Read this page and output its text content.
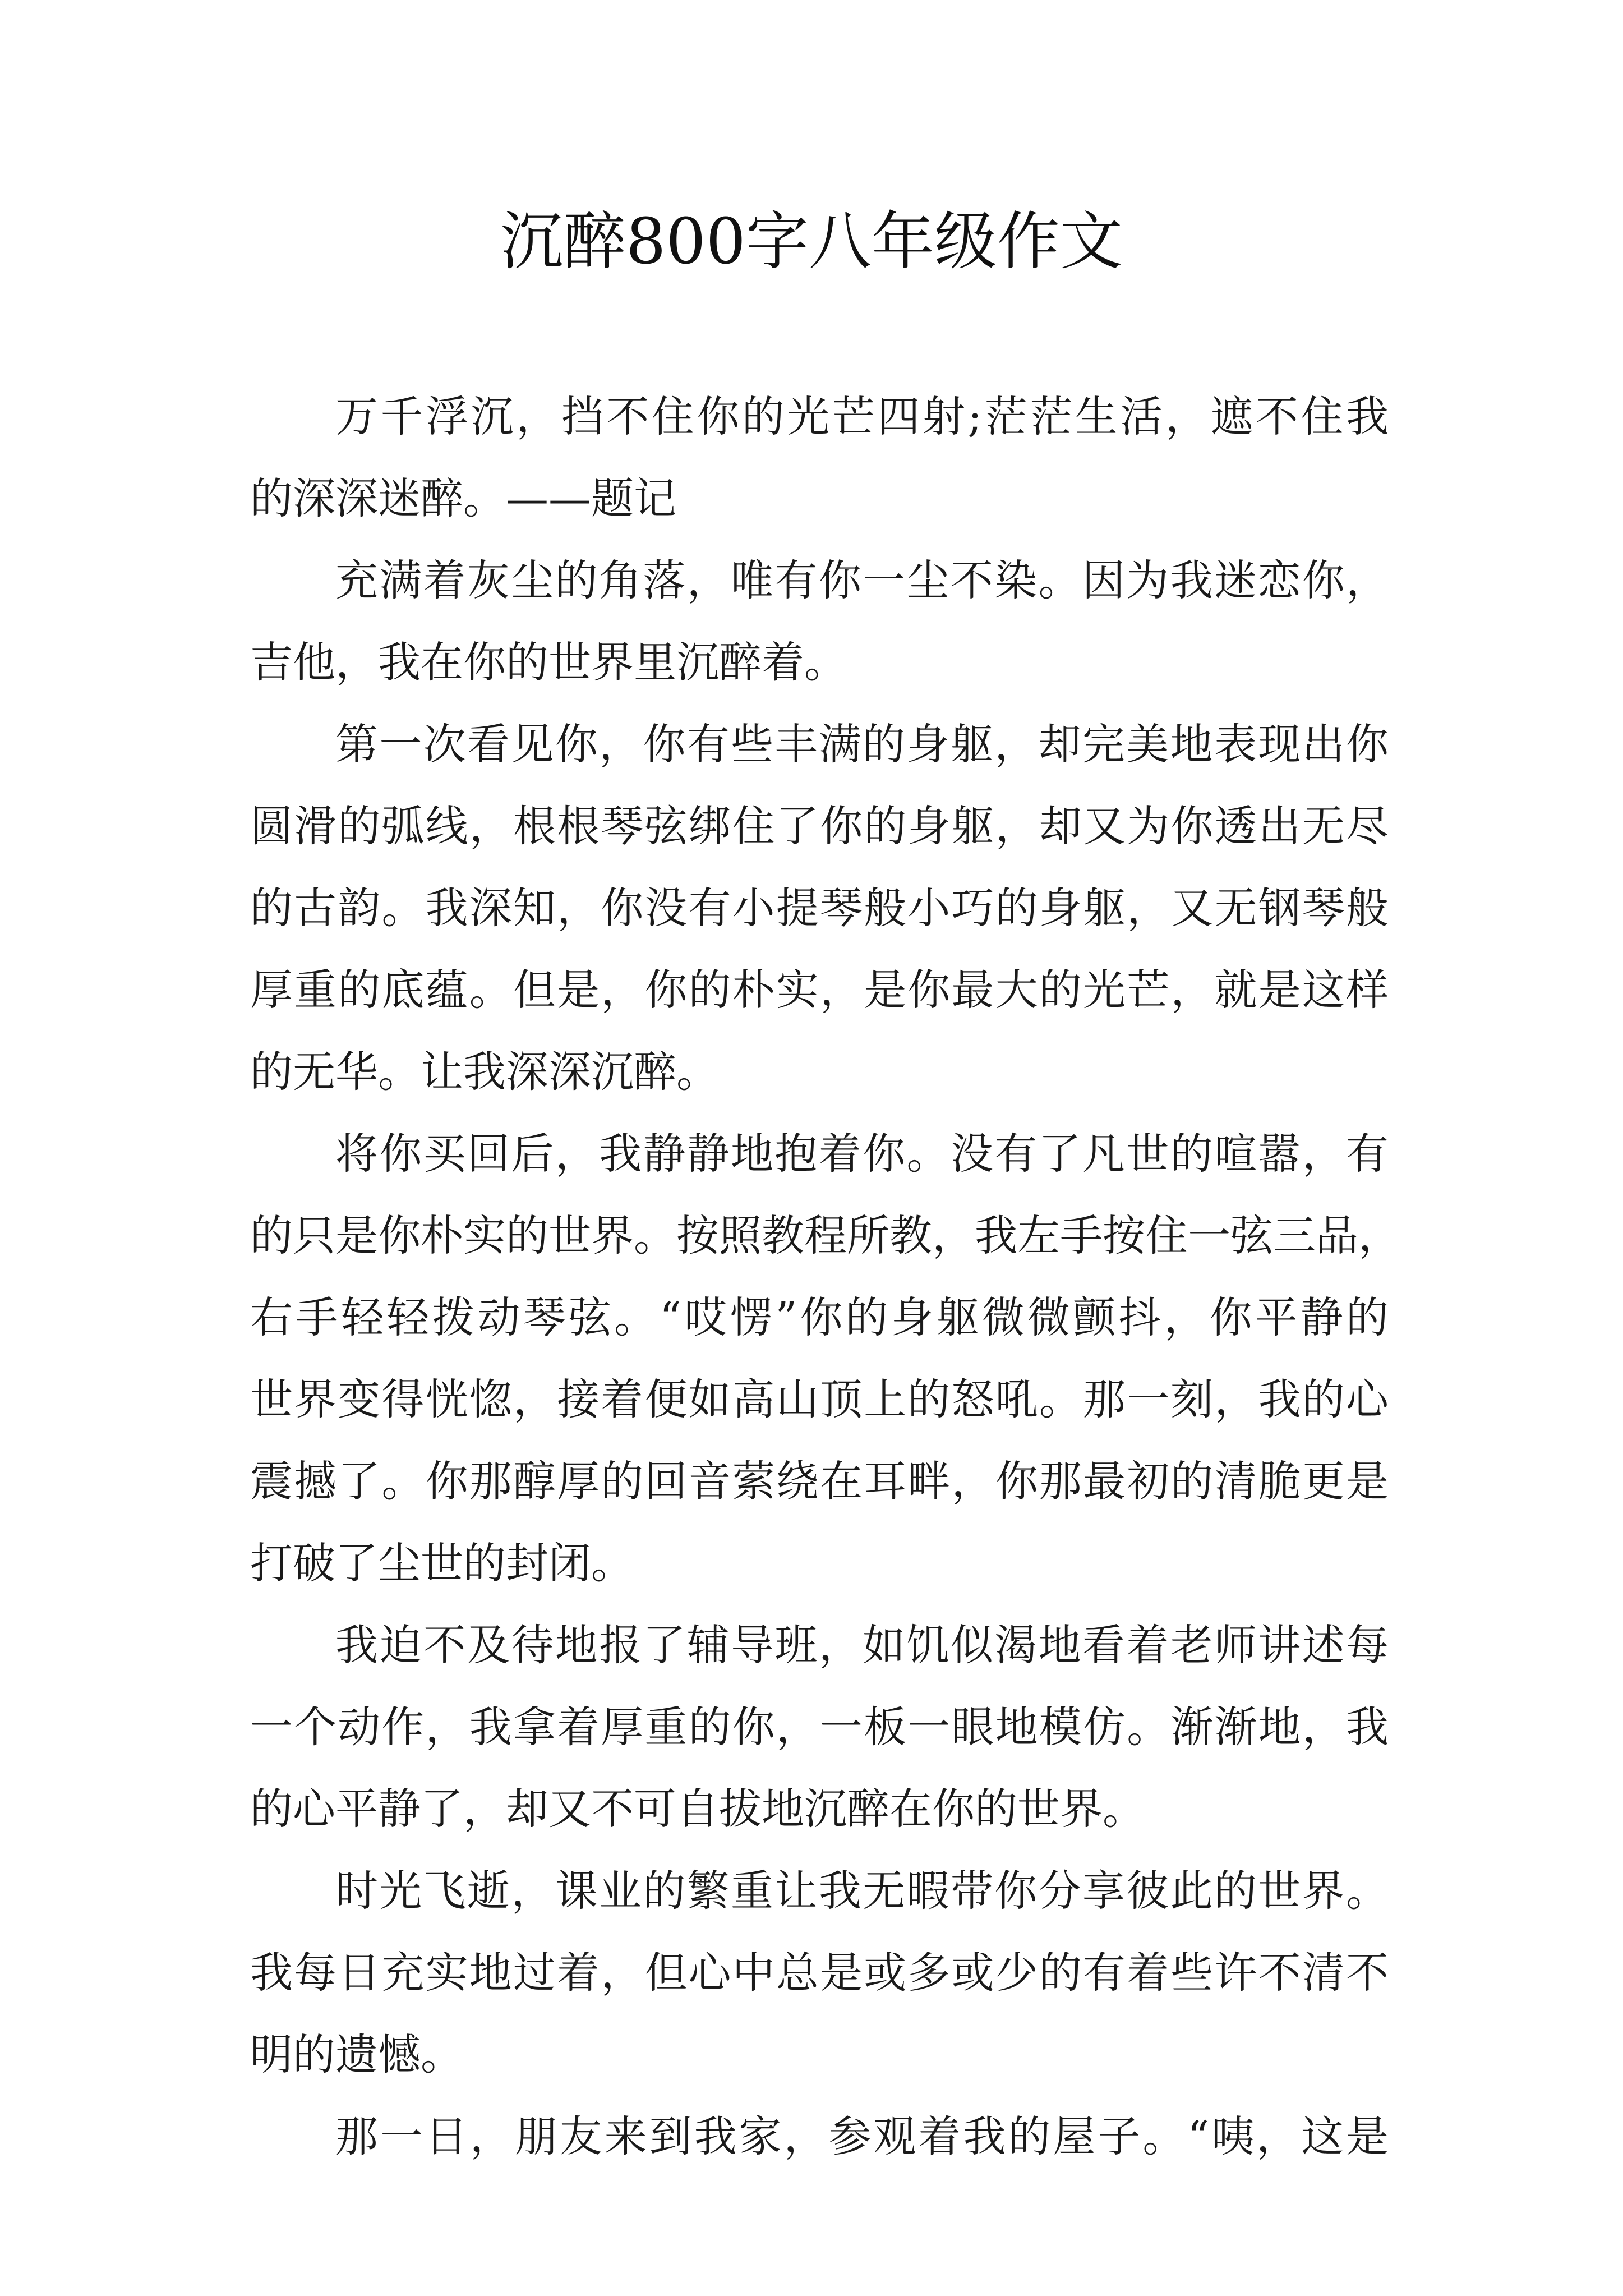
沉醉800字八年级作文
万千浮沉，挡不住你的光芒四射;茫茫生活，遮不住我
的深深迷醉。——题记
充满着灰尘的角落，唯有你一尘不染。因为我迷恋你，
吉他，我在你的世界里沉醉着。
第一次看见你，你有些丰满的身躯，却完美地表现出你
圆滑的弧线，根根琴弦绑住了你的身躯，却又为你透出无尽
的古韵。我深知，你没有小提琴般小巧的身躯，又无钢琴般
厚重的底蕴。但是，你的朴实，是你最大的光芒，就是这样
的无华。让我深深沉醉。
将你买回后，我静静地抱着你。没有了凡世的喧嚣，有
的只是你朴实的世界。按照教程所教，我左手按住一弦三品，
右手轻轻拨动琴弦。“哎愣”你的身躯微微颤抖，你平静的
世界变得恍惚，接着便如高山顶上的怒吼。那一刻，我的心
震撼了。你那醇厚的回音萦绕在耳畔，你那最初的清脆更是
打破了尘世的封闭。
我迫不及待地报了辅导班，如饥似渴地看着老师讲述每
一个动作，我拿着厚重的你，一板一眼地模仿。渐渐地，我
的心平静了，却又不可自拔地沉醉在你的世界。
时光飞逝，课业的繁重让我无暇带你分享彼此的世界。
我每日充实地过着，但心中总是或多或少的有着些许不清不
明的遗憾。
那一日，朋友来到我家，参观着我的屋子。“咦，这是
